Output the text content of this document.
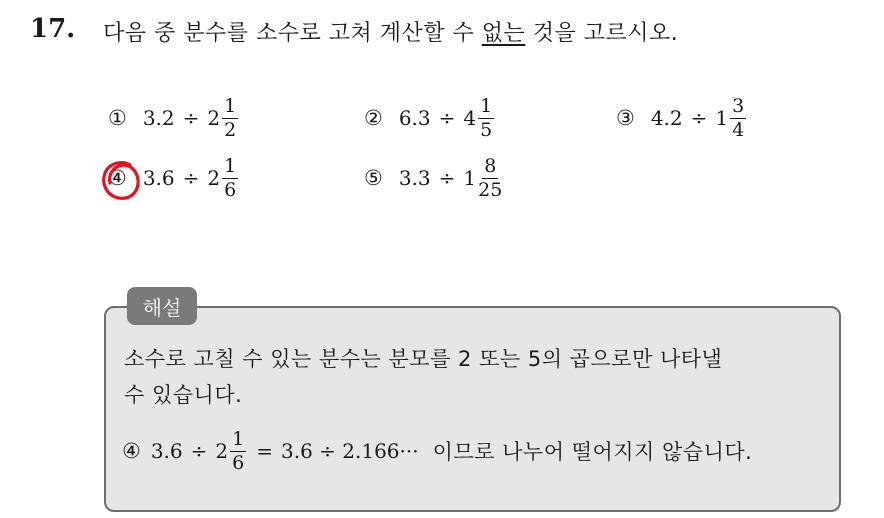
17. 다음 중 분수를 소수로 고쳐 계산할 수 없는 것을 고르시오.
① $3.2 \div 2 \frac{1}{2}$	② $6.3 \div 4 \frac{1}{5}$	③ $4.2 \div 1 \frac{3}{4}$
④ $3.6 \div 2 \frac{1}{6}$	⑤ $3.3 \div 1 \frac{8}{25}$
해설
소수로 고칠 수 있는 분수는 분모를 2 또는 5의 곱으로만 나타낼
수 있습니다.
④ $3.6 \div 2 \frac{1}{6} = 3.6 \div 2.166\cdot\cdot\cdot$ 이므로 나누어 떨어지지 않습니다.
